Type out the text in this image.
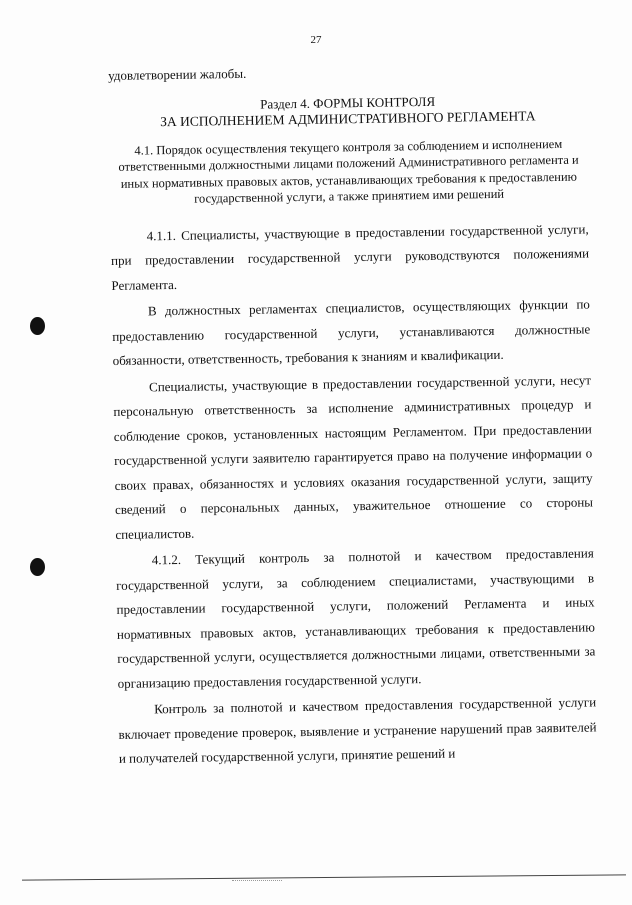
27

удовлетворении жалобы.

Раздел 4. ФОРМЫ КОНТРОЛЯ
ЗА ИСПОЛНЕНИЕМ АДМИНИСТРАТИВНОГО РЕГЛАМЕНТА
4.1. Порядок осуществления текущего контроля за соблюдением и исполнением ответственными должностными лицами положений Административного регламента и иных нормативных правовых актов, устанавливающих требования к предоставлению государственной услуги, а также принятием ими решений

4.1.1. Специалисты, участвующие в предоставлении государственной услуги, при предоставлении государственной услуги руководствуются положениями Регламента.

В должностных регламентах специалистов, осуществляющих функции по предоставлению государственной услуги, устанавливаются должностные обязанности, ответственность, требования к знаниям и квалификации.

Специалисты, участвующие в предоставлении государственной услуги, несут персональную ответственность за исполнение административных процедур и соблюдение сроков, установленных настоящим Регламентом. При предоставлении государственной услуги заявителю гарантируется право на получение информации о своих правах, обязанностях и условиях оказания государственной услуги, защиту сведений о персональных данных, уважительное отношение со стороны специалистов.

4.1.2. Текущий контроль за полнотой и качеством предоставления государственной услуги, за соблюдением специалистами, участвующими в предоставлении государственной услуги, положений Регламента и иных нормативных правовых актов, устанавливающих требования к предоставлению государственной услуги, осуществляется должностными лицами, ответственными за организацию предоставления государственной услуги.

Контроль за полнотой и качеством предоставления государственной услуги включает проведение проверок, выявление и устранение нарушений прав заявителей и получателей государственной услуги, принятие решений и
